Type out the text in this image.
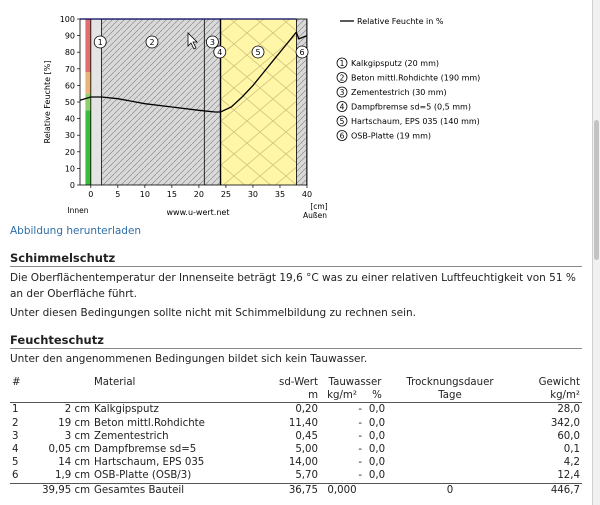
0
10
20
30
40
50
60
70
80
90
100
0	5 10 15 20 25 30 35 40
Relative Feuchte [%]
[cm]
Innen
Außen
www.u-wert.net
1	2	3
4	5	6
Relative Feuchte in %
1 Kalkgipsputz (20 mm)
2 Beton mittl.Rohdichte (190 mm)
3 Zementestrich (30 mm)
4 Dampfbremse sd=5 (0,5 mm)
5 Hartschaum, EPS 035 (140 mm)
6 OSB-Platte (19 mm)
Abbildung herunterladen
Schimmelschutz
Die Oberflächentemperatur der Innenseite beträgt 19,6 °C was zu einer relativen Luftfeuchtigkeit von 51 % an der Oberfläche führt.
Unter diesen Bedingungen sollte nicht mit Schimmelbildung zu rechnen sein.
Feuchteschutz
Unter den angenommenen Bedingungen bildet sich kein Tauwasser.
#		Material	sd-Wert	Tauwasser		Trocknungsdauer	Gewicht
			m	kg/m²	%	Tage	kg/m²
1	2 cm	Kalkgipsputz	0,20	-	0,0		28,0
2	19 cm	Beton mittl.Rohdichte	11,40	-	0,0		342,0
3	3 cm	Zementestrich	0,45	-	0,0		60,0
4	0,05 cm	Dampfbremse sd=5	5,00	-	0,0		0,1
5	14 cm	Hartschaum, EPS 035	14,00	-	0,0		4,2
6	1,9 cm	OSB-Platte (OSB/3)	5,70	-	0,0		12,4
	39,95 cm	Gesamtes Bauteil	36,75	0,000		0	446,7
